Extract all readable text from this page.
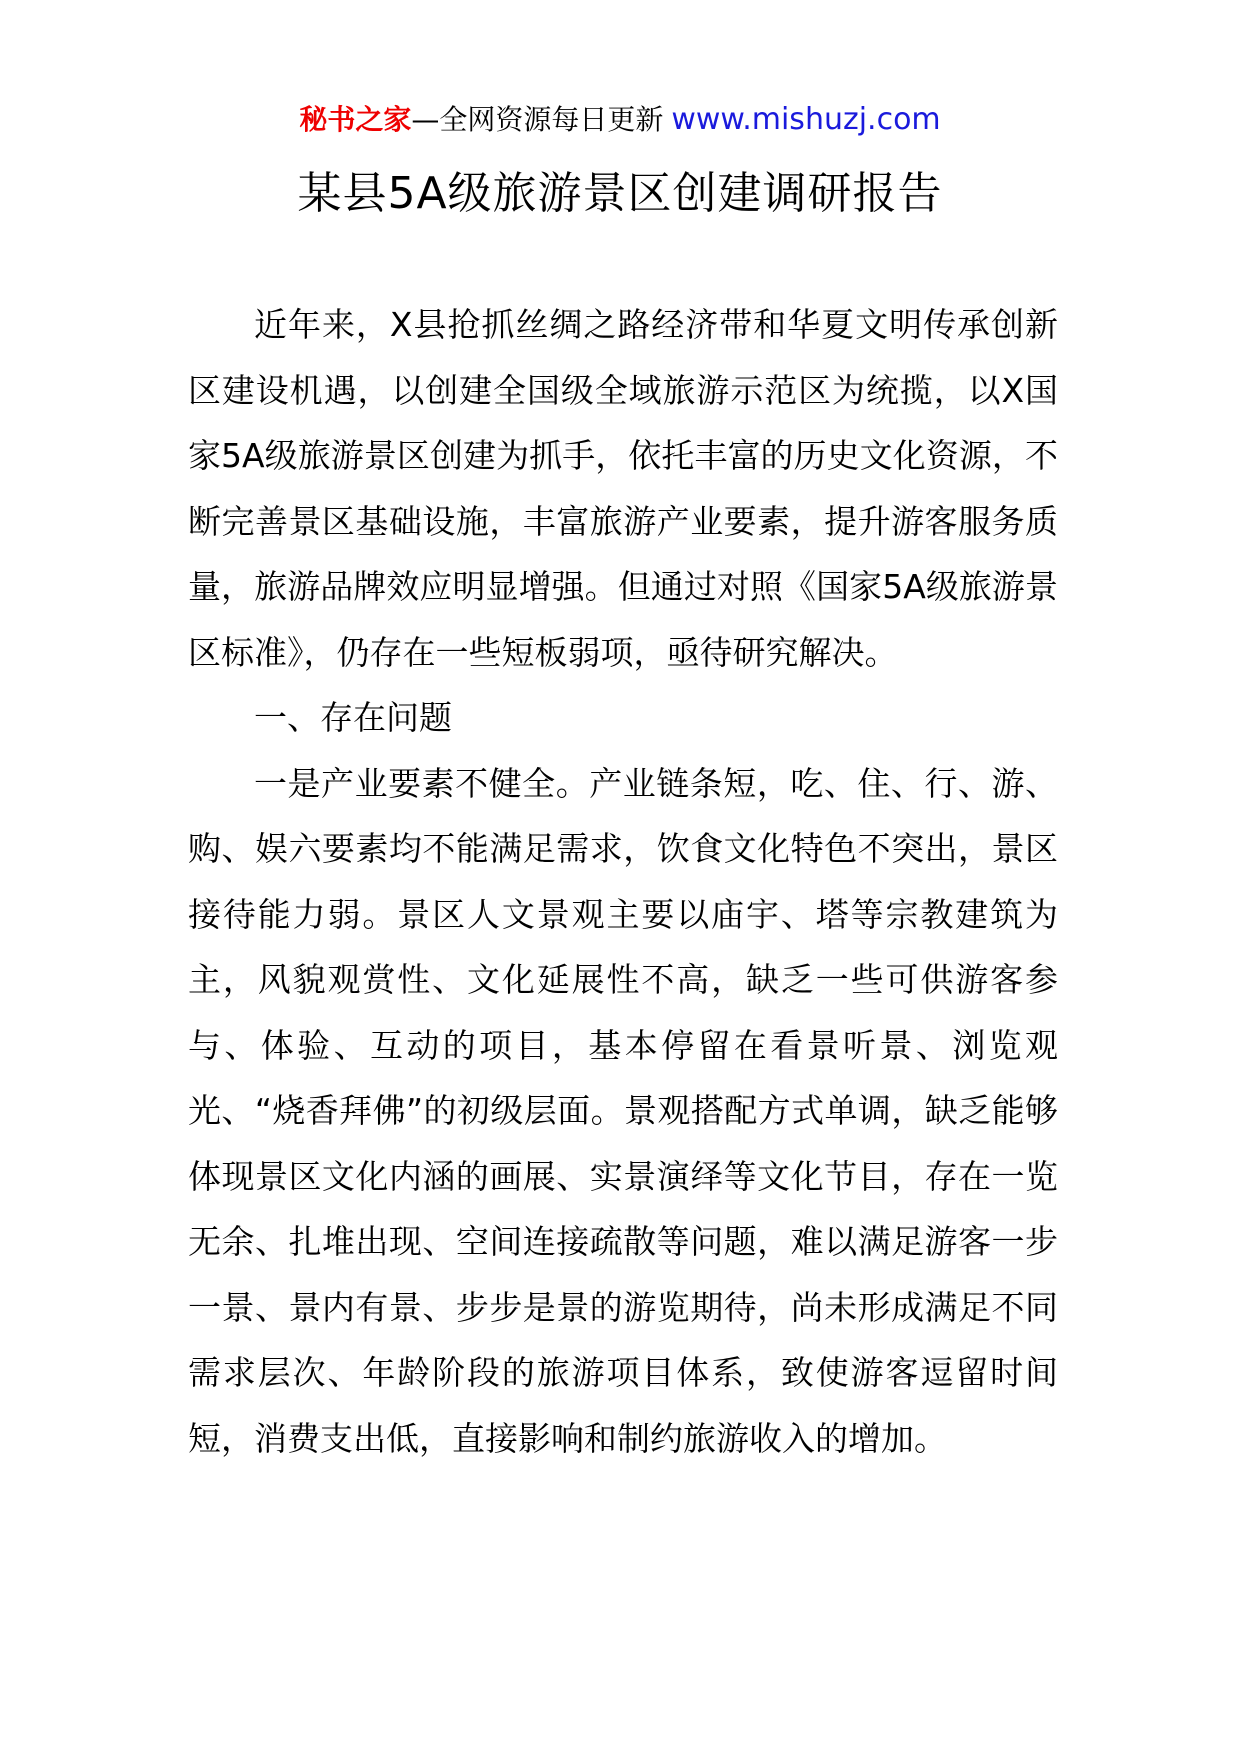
秘书之家—全网资源每日更新 www.mishuzj.com
某县5A级旅游景区创建调研报告

近年来，X县抢抓丝绸之路经济带和华夏文明传承创新区建设机遇，以创建全国级全域旅游示范区为统揽，以X国家5A级旅游景区创建为抓手，依托丰富的历史文化资源，不断完善景区基础设施，丰富旅游产业要素，提升游客服务质量，旅游品牌效应明显增强。但通过对照《国家5A级旅游景区标准》，仍存在一些短板弱项，亟待研究解决。

一、存在问题

一是产业要素不健全。产业链条短，吃、住、行、游、购、娱六要素均不能满足需求，饮食文化特色不突出，景区接待能力弱。景区人文景观主要以庙宇、塔等宗教建筑为主，风貌观赏性、文化延展性不高，缺乏一些可供游客参与、体验、互动的项目，基本停留在看景听景、浏览观光、“烧香拜佛”的初级层面。景观搭配方式单调，缺乏能够体现景区文化内涵的画展、实景演绎等文化节目，存在一览无余、扎堆出现、空间连接疏散等问题，难以满足游客一步一景、景内有景、步步是景的游览期待，尚未形成满足不同需求层次、年龄阶段的旅游项目体系，致使游客逗留时间短，消费支出低，直接影响和制约旅游收入的增加。
